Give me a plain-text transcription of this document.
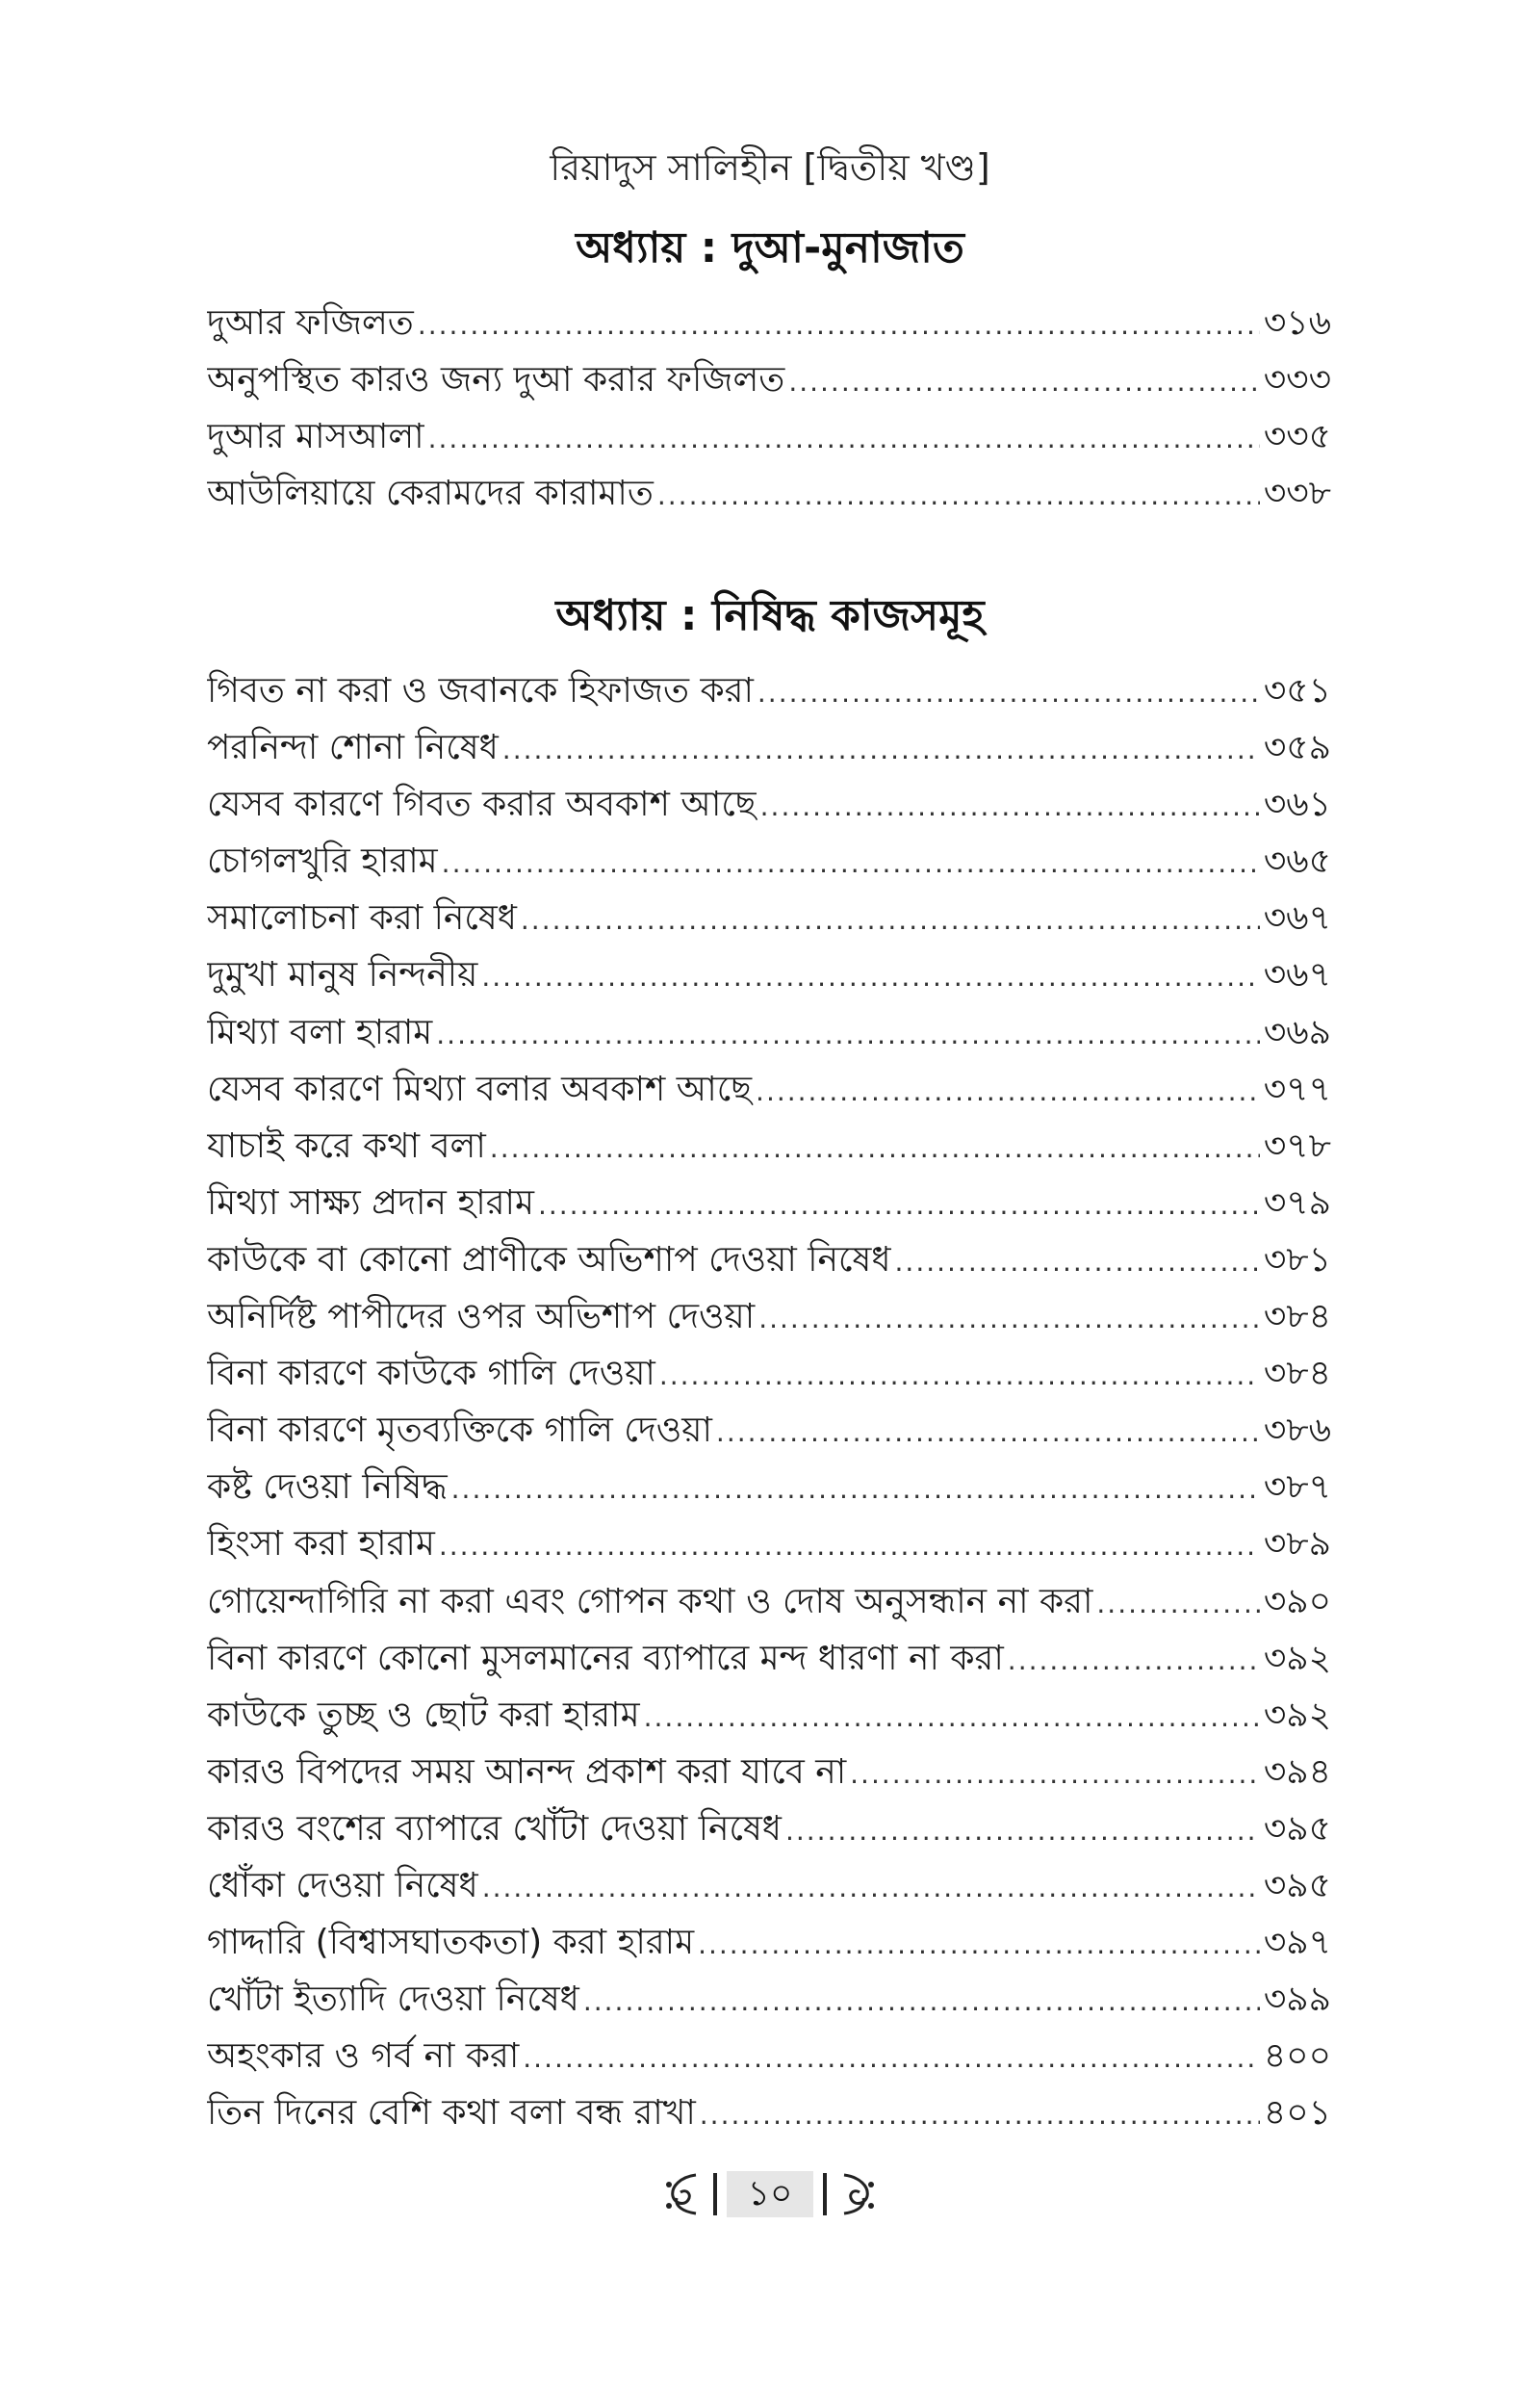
রিয়াদুস সালিহীন [দ্বিতীয় খণ্ড]
অধ্যায় : দুআ-মুনাজাত
দুআর ফজিলত .....	৩১৬
অনুপস্থিত কারও জন্য দুআ করার ফজিলত .....	৩৩৩
দুআর মাসআলা .....	৩৩৫
আউলিয়ায়ে কেরামদের কারামাত .....	৩৩৮
অধ্যায় : নিষিদ্ধ কাজসমূহ
গিবত না করা ও জবানকে হিফাজত করা .....	৩৫১
পরনিন্দা শোনা নিষেধ .....	৩৫৯
যেসব কারণে গিবত করার অবকাশ আছে .....	৩৬১
চোগলখুরি হারাম .....	৩৬৫
সমালোচনা করা নিষেধ .....	৩৬৭
দুমুখা মানুষ নিন্দনীয় .....	৩৬৭
মিথ্যা বলা হারাম .....	৩৬৯
যেসব কারণে মিথ্যা বলার অবকাশ আছে .....	৩৭৭
যাচাই করে কথা বলা .....	৩৭৮
মিথ্যা সাক্ষ্য প্রদান হারাম .....	৩৭৯
কাউকে বা কোনো প্রাণীকে অভিশাপ দেওয়া নিষেধ .....	৩৮১
অনির্দিষ্ট পাপীদের ওপর অভিশাপ দেওয়া .....	৩৮৪
বিনা কারণে কাউকে গালি দেওয়া .....	৩৮৪
বিনা কারণে মৃতব্যক্তিকে গালি দেওয়া .....	৩৮৬
কষ্ট দেওয়া নিষিদ্ধ .....	৩৮৭
হিংসা করা হারাম .....	৩৮৯
গোয়েন্দাগিরি না করা এবং গোপন কথা ও দোষ অনুসন্ধান না করা .....	৩৯০
বিনা কারণে কোনো মুসলমানের ব্যাপারে মন্দ ধারণা না করা .....	৩৯২
কাউকে তুচ্ছ ও ছোট করা হারাম .....	৩৯২
কারও বিপদের সময় আনন্দ প্রকাশ করা যাবে না .....	৩৯৪
কারও বংশের ব্যাপারে খোঁটা দেওয়া নিষেধ .....	৩৯৫
ধোঁকা দেওয়া নিষেধ .....	৩৯৫
গাদ্দারি (বিশ্বাসঘাতকতা) করা হারাম .....	৩৯৭
খোঁটা ইত্যাদি দেওয়া নিষেধ .....	৩৯৯
অহংকার ও গর্ব না করা .....	৪০০
তিন দিনের বেশি কথা বলা বন্ধ রাখা .....	৪০১
১০
